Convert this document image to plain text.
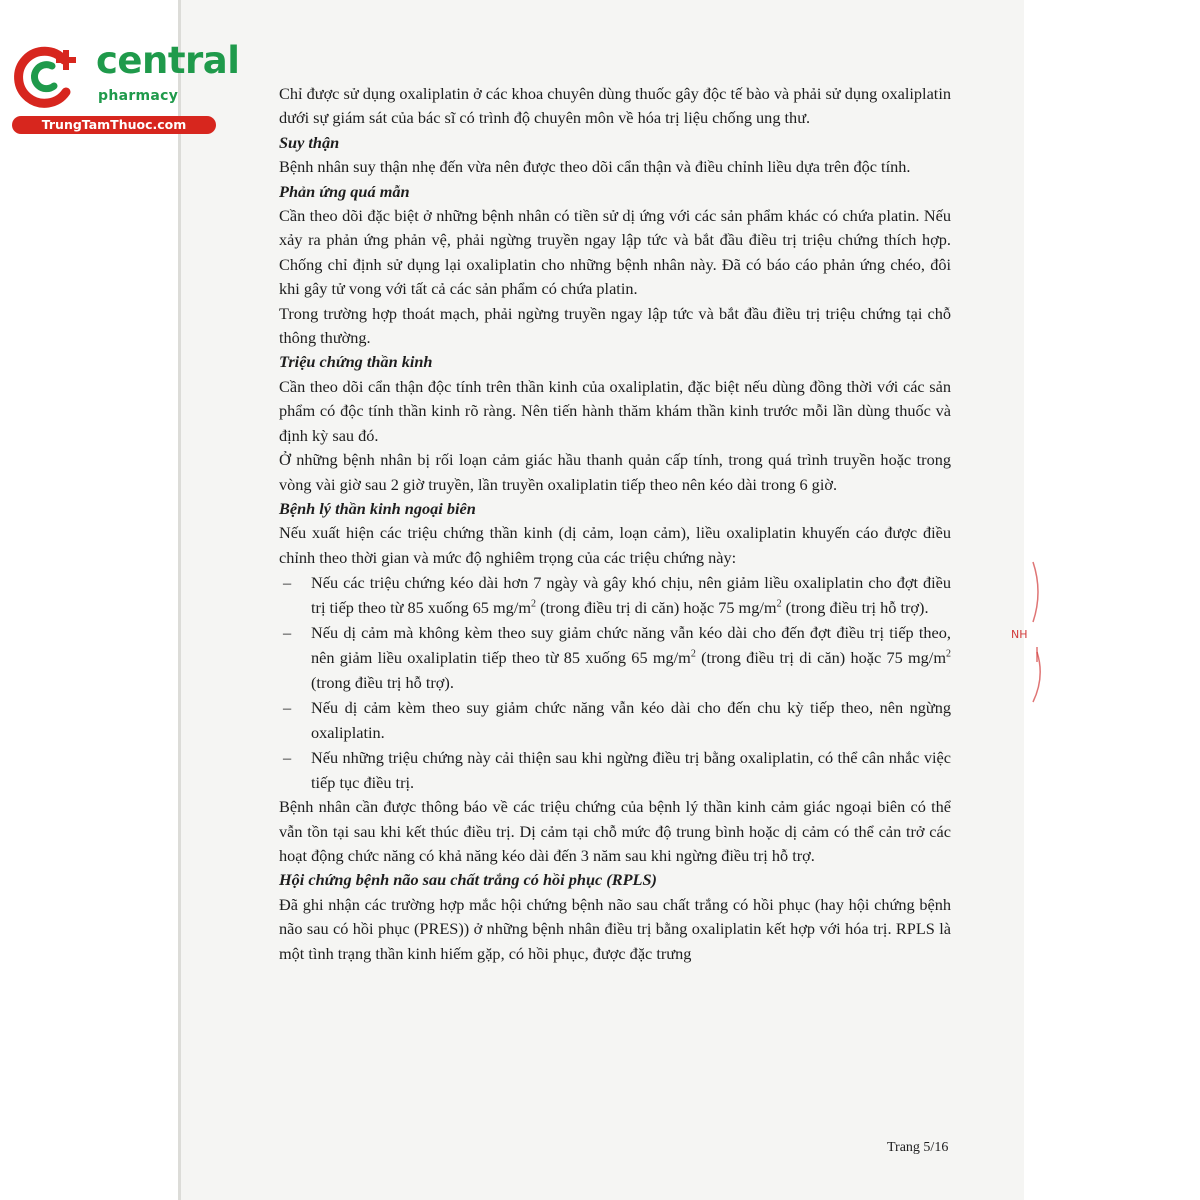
central
pharmacy
TrungTamThuoc.com
NH

Chỉ được sử dụng oxaliplatin ở các khoa chuyên dùng thuốc gây độc tế bào và phải sử dụng oxaliplatin dưới sự giám sát của bác sĩ có trình độ chuyên môn về hóa trị liệu chống ung thư.

Suy thận

Bệnh nhân suy thận nhẹ đến vừa nên được theo dõi cẩn thận và điều chỉnh liều dựa trên độc tính.

Phản ứng quá mẫn

Cần theo dõi đặc biệt ở những bệnh nhân có tiền sử dị ứng với các sản phẩm khác có chứa platin. Nếu xảy ra phản ứng phản vệ, phải ngừng truyền ngay lập tức và bắt đầu điều trị triệu chứng thích hợp. Chống chỉ định sử dụng lại oxaliplatin cho những bệnh nhân này. Đã có báo cáo phản ứng chéo, đôi khi gây tử vong với tất cả các sản phẩm có chứa platin.

Trong trường hợp thoát mạch, phải ngừng truyền ngay lập tức và bắt đầu điều trị triệu chứng tại chỗ thông thường.

Triệu chứng thần kinh

Cần theo dõi cẩn thận độc tính trên thần kinh của oxaliplatin, đặc biệt nếu dùng đồng thời với các sản phẩm có độc tính thần kinh rõ ràng. Nên tiến hành thăm khám thần kinh trước mỗi lần dùng thuốc và định kỳ sau đó.

Ở những bệnh nhân bị rối loạn cảm giác hầu thanh quản cấp tính, trong quá trình truyền hoặc trong vòng vài giờ sau 2 giờ truyền, lần truyền oxaliplatin tiếp theo nên kéo dài trong 6 giờ.

Bệnh lý thần kinh ngoại biên

Nếu xuất hiện các triệu chứng thần kinh (dị cảm, loạn cảm), liều oxaliplatin khuyến cáo được điều chỉnh theo thời gian và mức độ nghiêm trọng của các triệu chứng này:

– Nếu các triệu chứng kéo dài hơn 7 ngày và gây khó chịu, nên giảm liều oxaliplatin cho đợt điều trị tiếp theo từ 85 xuống 65 $mg/m^2$ (trong điều trị di căn) hoặc 75 $mg/m^2$ (trong điều trị hỗ trợ).
– Nếu dị cảm mà không kèm theo suy giảm chức năng vẫn kéo dài cho đến đợt điều trị tiếp theo, nên giảm liều oxaliplatin tiếp theo từ 85 xuống 65 $mg/m^2$ (trong điều trị di căn) hoặc 75 $mg/m^2$ (trong điều trị hỗ trợ).
– Nếu dị cảm kèm theo suy giảm chức năng vẫn kéo dài cho đến chu kỳ tiếp theo, nên ngừng oxaliplatin.
– Nếu những triệu chứng này cải thiện sau khi ngừng điều trị bằng oxaliplatin, có thể cân nhắc việc tiếp tục điều trị.

Bệnh nhân cần được thông báo về các triệu chứng của bệnh lý thần kinh cảm giác ngoại biên có thể vẫn tồn tại sau khi kết thúc điều trị. Dị cảm tại chỗ mức độ trung bình hoặc dị cảm có thể cản trở các hoạt động chức năng có khả năng kéo dài đến 3 năm sau khi ngừng điều trị hỗ trợ.

Hội chứng bệnh não sau chất trắng có hồi phục (RPLS)

Đã ghi nhận các trường hợp mắc hội chứng bệnh não sau chất trắng có hồi phục (hay hội chứng bệnh não sau có hồi phục (PRES)) ở những bệnh nhân điều trị bằng oxaliplatin kết hợp với hóa trị. RPLS là một tình trạng thần kinh hiếm gặp, có hồi phục, được đặc trưng

Trang 5/16
